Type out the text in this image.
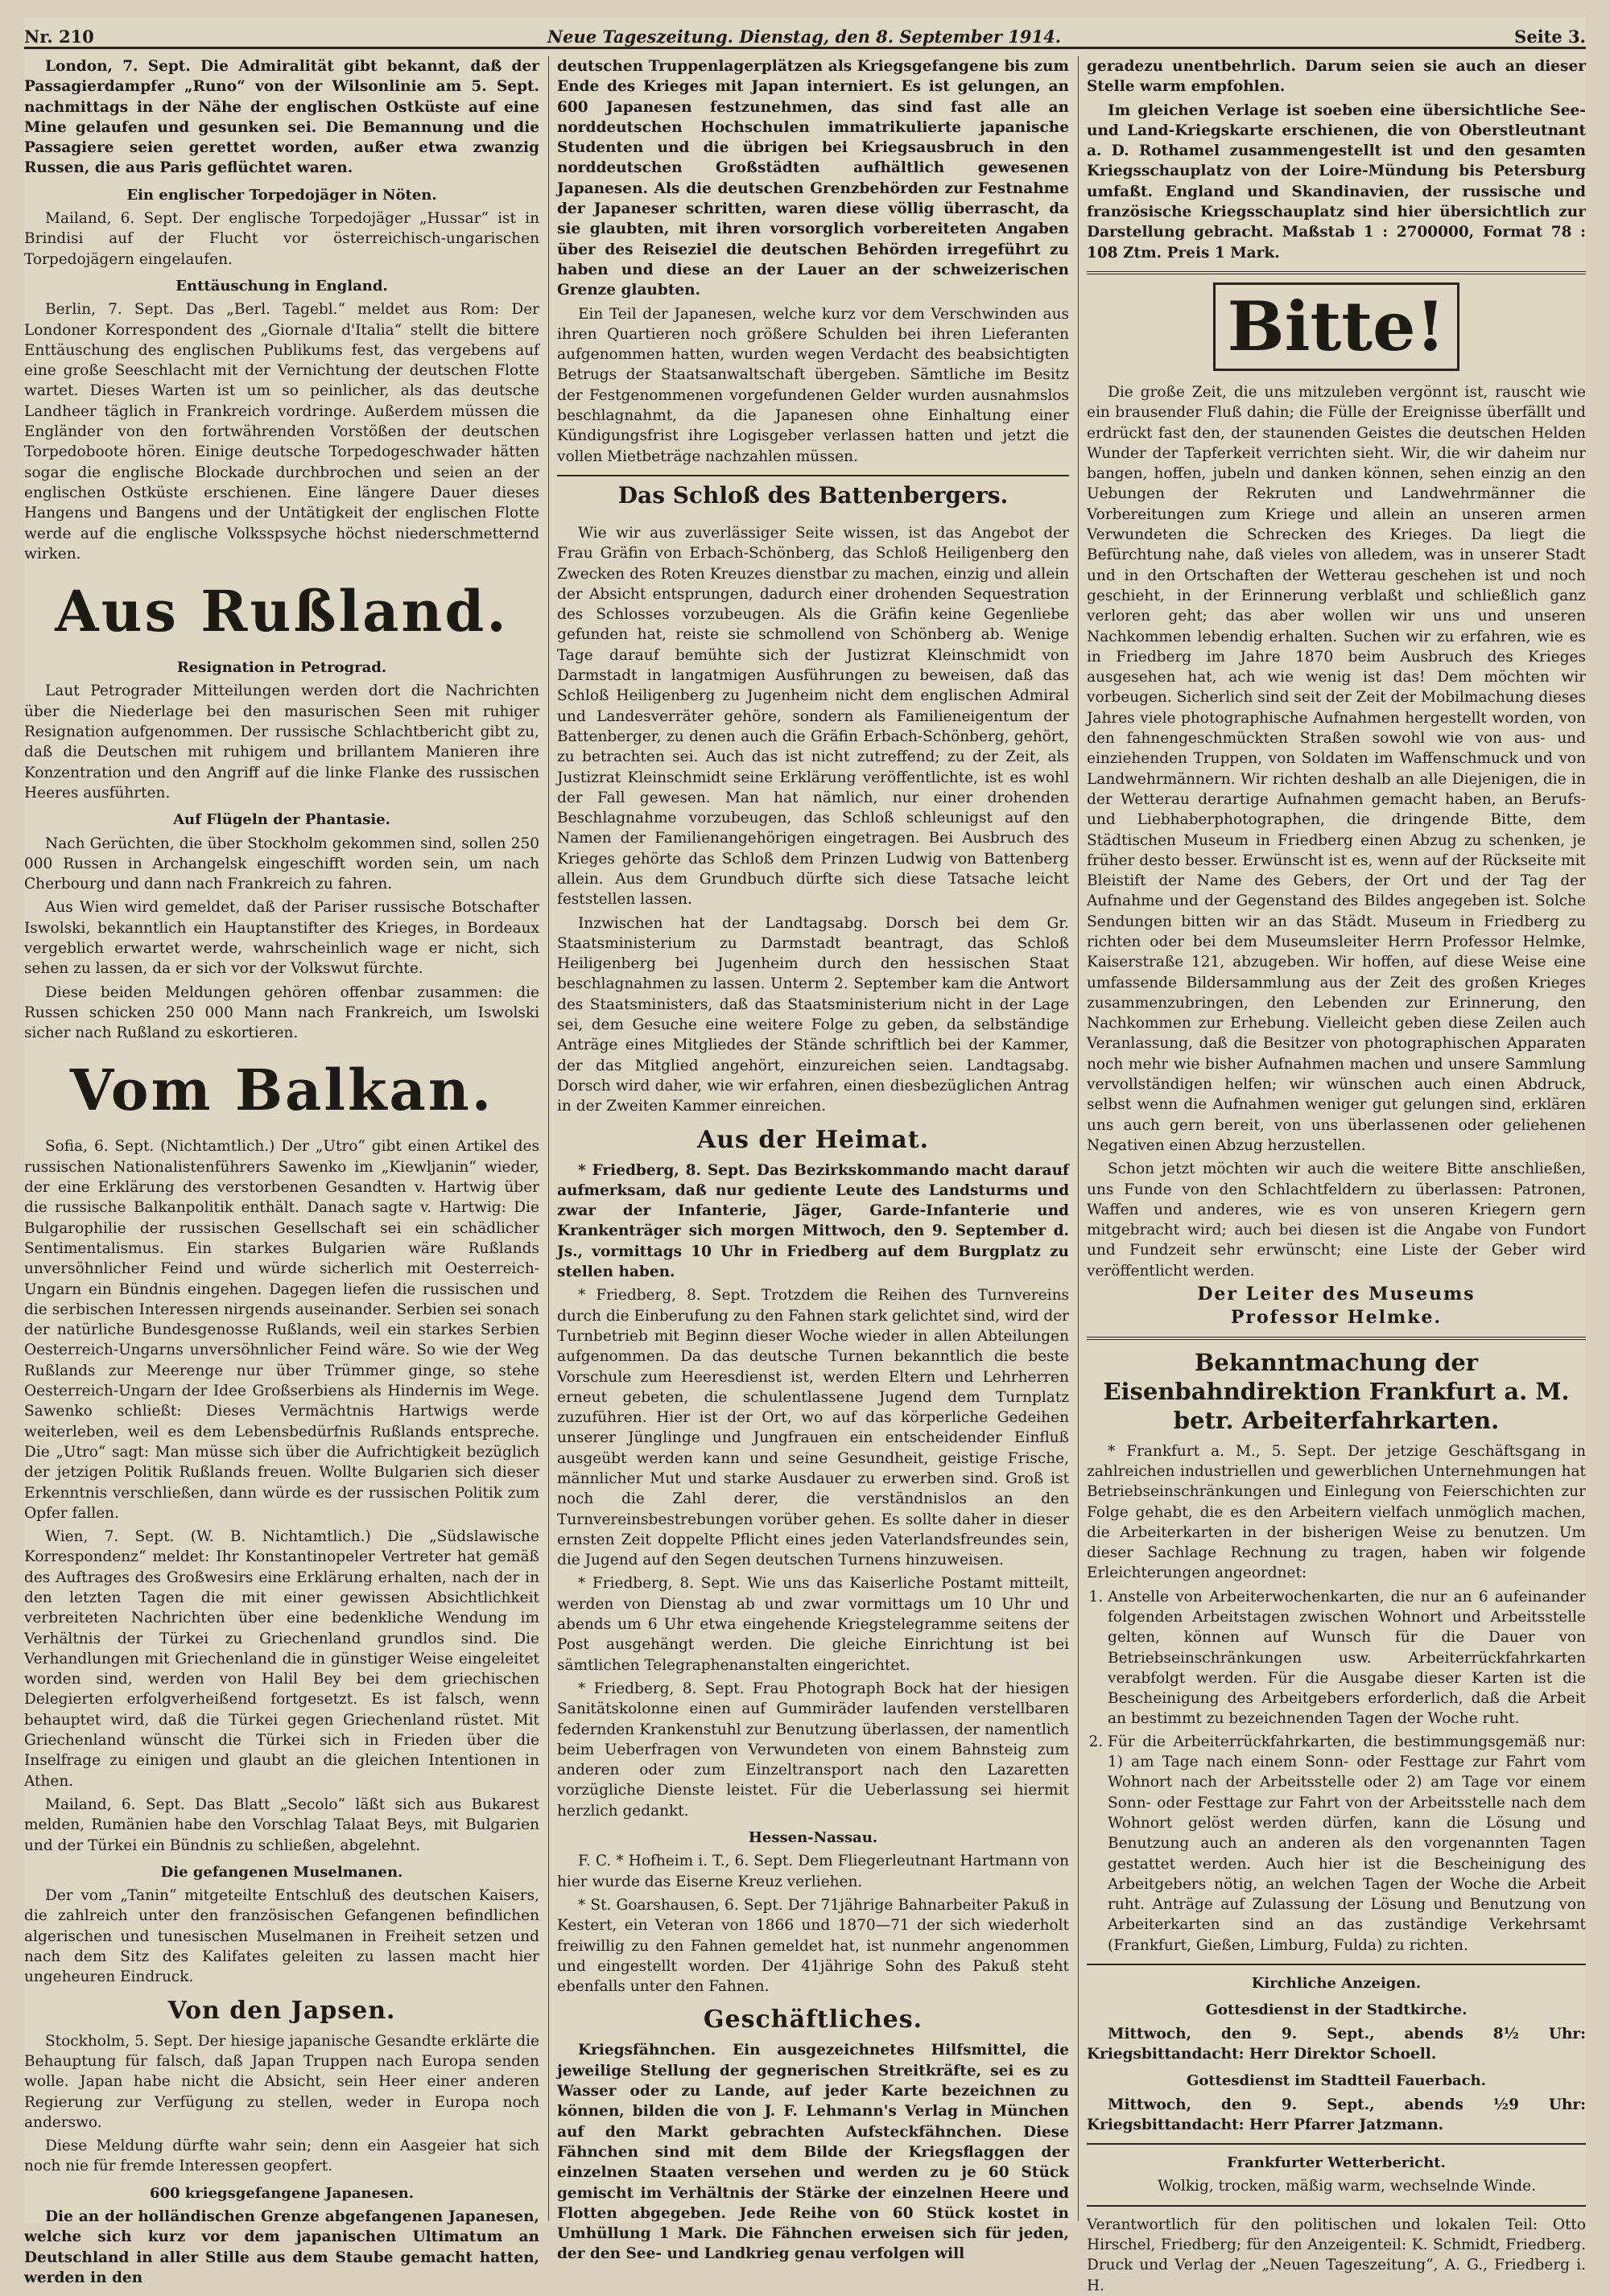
Nr. 210	Neue Tageszeitung. Dienstag, den 8. September 1914.	Seite 3.

London, 7. Sept. Die Admiralität gibt bekannt, daß der Passagierdampfer „Runo“ von der Wilsonlinie am 5. Sept. nachmittags in der Nähe der englischen Ostküste auf eine Mine gelaufen und gesunken sei. Die Bemannung und die Passagiere seien gerettet worden, außer etwa zwanzig Russen, die aus Paris geflüchtet waren.

Ein englischer Torpedojäger in Nöten.

Mailand, 6. Sept. Der englische Torpedojäger „Hussar“ ist in Brindisi auf der Flucht vor österreichisch-ungarischen Torpedojägern eingelaufen.

Enttäuschung in England.

Berlin, 7. Sept. Das „Berl. Tagebl.“ meldet aus Rom: Der Londoner Korrespondent des „Giornale d'Italia“ stellt die bittere Enttäuschung des englischen Publikums fest, das vergebens auf eine große Seeschlacht mit der Vernichtung der deutschen Flotte wartet. Dieses Warten ist um so peinlicher, als das deutsche Landheer täglich in Frankreich vordringe. Außerdem müssen die Engländer von den fortwährenden Vorstößen der deutschen Torpedoboote hören. Einige deutsche Torpedogeschwader hätten sogar die englische Blockade durchbrochen und seien an der englischen Ostküste erschienen. Eine längere Dauer dieses Hangens und Bangens und der Untätigkeit der englischen Flotte werde auf die englische Volksspsyche höchst niederschmetternd wirken.

Aus Rußland.
Resignation in Petrograd.

Laut Petrograder Mitteilungen werden dort die Nachrichten über die Niederlage bei den masurischen Seen mit ruhiger Resignation aufgenommen. Der russische Schlachtbericht gibt zu, daß die Deutschen mit ruhigem und brillantem Manieren ihre Konzentration und den Angriff auf die linke Flanke des russischen Heeres ausführten.

Auf Flügeln der Phantasie.

Nach Gerüchten, die über Stockholm gekommen sind, sollen 250 000 Russen in Archangelsk eingeschifft worden sein, um nach Cherbourg und dann nach Frankreich zu fahren.

Aus Wien wird gemeldet, daß der Pariser russische Botschafter Iswolski, bekanntlich ein Hauptanstifter des Krieges, in Bordeaux vergeblich erwartet werde, wahrscheinlich wage er nicht, sich sehen zu lassen, da er sich vor der Volkswut fürchte.

Diese beiden Meldungen gehören offenbar zusammen: die Russen schicken 250 000 Mann nach Frankreich, um Iswolski sicher nach Rußland zu eskortieren.

Vom Balkan.

Sofia, 6. Sept. (Nichtamtlich.) Der „Utro“ gibt einen Artikel des russischen Nationalistenführers Sawenko im „Kiewljanin“ wieder, der eine Erklärung des verstorbenen Gesandten v. Hartwig über die russische Balkanpolitik enthält. Danach sagte v. Hartwig: Die Bulgarophilie der russischen Gesellschaft sei ein schädlicher Sentimentalismus. Ein starkes Bulgarien wäre Rußlands unversöhnlicher Feind und würde sicherlich mit Oesterreich-Ungarn ein Bündnis eingehen. Dagegen liefen die russischen und die serbischen Interessen nirgends auseinander. Serbien sei sonach der natürliche Bundesgenosse Rußlands, weil ein starkes Serbien Oesterreich-Ungarns unversöhnlicher Feind wäre. So wie der Weg Rußlands zur Meerenge nur über Trümmer ginge, so stehe Oesterreich-Ungarn der Idee Großserbiens als Hindernis im Wege. Sawenko schließt: Dieses Vermächtnis Hartwigs werde weiterleben, weil es dem Lebensbedürfnis Rußlands entspreche. Die „Utro“ sagt: Man müsse sich über die Aufrichtigkeit bezüglich der jetzigen Politik Rußlands freuen. Wollte Bulgarien sich dieser Erkenntnis verschließen, dann würde es der russischen Politik zum Opfer fallen.

Wien, 7. Sept. (W. B. Nichtamtlich.) Die „Südslawische Korrespondenz“ meldet: Ihr Konstantinopeler Vertreter hat gemäß des Auftrages des Großwesirs eine Erklärung erhalten, nach der in den letzten Tagen die mit einer gewissen Absichtlichkeit verbreiteten Nachrichten über eine bedenkliche Wendung im Verhältnis der Türkei zu Griechenland grundlos sind. Die Verhandlungen mit Griechenland die in günstiger Weise eingeleitet worden sind, werden von Halil Bey bei dem griechischen Delegierten erfolgverheißend fortgesetzt. Es ist falsch, wenn behauptet wird, daß die Türkei gegen Griechenland rüstet. Mit Griechenland wünscht die Türkei sich in Frieden über die Inselfrage zu einigen und glaubt an die gleichen Intentionen in Athen.

Mailand, 6. Sept. Das Blatt „Secolo“ läßt sich aus Bukarest melden, Rumänien habe den Vorschlag Talaat Beys, mit Bulgarien und der Türkei ein Bündnis zu schließen, abgelehnt.

Die gefangenen Muselmanen.

Der vom „Tanin“ mitgeteilte Entschluß des deutschen Kaisers, die zahlreich unter den französischen Gefangenen befindlichen algerischen und tunesischen Muselmanen in Freiheit setzen und nach dem Sitz des Kalifates geleiten zu lassen macht hier ungeheuren Eindruck.

Von den Japsen.

Stockholm, 5. Sept. Der hiesige japanische Gesandte erklärte die Behauptung für falsch, daß Japan Truppen nach Europa senden wolle. Japan habe nicht die Absicht, sein Heer einer anderen Regierung zur Verfügung zu stellen, weder in Europa noch anderswo.

Diese Meldung dürfte wahr sein; denn ein Aasgeier hat sich noch nie für fremde Interessen geopfert.

600 kriegsgefangene Japanesen.

Die an der holländischen Grenze abgefangenen Japanesen, welche sich kurz vor dem japanischen Ultimatum an Deutschland in aller Stille aus dem Staube gemacht hatten, werden in den

deutschen Truppenlagerplätzen als Kriegsgefangene bis zum Ende des Krieges mit Japan interniert. Es ist gelungen, an 600 Japanesen festzunehmen, das sind fast alle an norddeutschen Hochschulen immatrikulierte japanische Studenten und die übrigen bei Kriegsausbruch in den norddeutschen Großstädten aufhältlich gewesenen Japanesen. Als die deutschen Grenzbehörden zur Festnahme der Japaneser schritten, waren diese völlig überrascht, da sie glaubten, mit ihren vorsorglich vorbereiteten Angaben über des Reiseziel die deutschen Behörden irregeführt zu haben und diese an der Lauer an der schweizerischen Grenze glaubten.

Ein Teil der Japanesen, welche kurz vor dem Verschwinden aus ihren Quartieren noch größere Schulden bei ihren Lieferanten aufgenommen hatten, wurden wegen Verdacht des beabsichtigten Betrugs der Staatsanwaltschaft übergeben. Sämtliche im Besitz der Festgenommenen vorgefundenen Gelder wurden ausnahmslos beschlagnahmt, da die Japanesen ohne Einhaltung einer Kündigungsfrist ihre Logisgeber verlassen hatten und jetzt die vollen Mietbeträge nachzahlen müssen.

Das Schloß des Battenbergers.

Wie wir aus zuverlässiger Seite wissen, ist das Angebot der Frau Gräfin von Erbach-Schönberg, das Schloß Heiligenberg den Zwecken des Roten Kreuzes dienstbar zu machen, einzig und allein der Absicht entsprungen, dadurch einer drohenden Sequestration des Schlosses vorzubeugen. Als die Gräfin keine Gegenliebe gefunden hat, reiste sie schmollend von Schönberg ab. Wenige Tage darauf bemühte sich der Justizrat Kleinschmidt von Darmstadt in langatmigen Ausführungen zu beweisen, daß das Schloß Heiligenberg zu Jugenheim nicht dem englischen Admiral und Landesverräter gehöre, sondern als Familieneigentum der Battenberger, zu denen auch die Gräfin Erbach-Schönberg, gehört, zu betrachten sei. Auch das ist nicht zutreffend; zu der Zeit, als Justizrat Kleinschmidt seine Erklärung veröffentlichte, ist es wohl der Fall gewesen. Man hat nämlich, nur einer drohenden Beschlagnahme vorzubeugen, das Schloß schleunigst auf den Namen der Familienangehörigen eingetragen. Bei Ausbruch des Krieges gehörte das Schloß dem Prinzen Ludwig von Battenberg allein. Aus dem Grundbuch dürfte sich diese Tatsache leicht feststellen lassen.

Inzwischen hat der Landtagsabg. Dorsch bei dem Gr. Staatsministerium zu Darmstadt beantragt, das Schloß Heiligenberg bei Jugenheim durch den hessischen Staat beschlagnahmen zu lassen. Unterm 2. September kam die Antwort des Staatsministers, daß das Staatsministerium nicht in der Lage sei, dem Gesuche eine weitere Folge zu geben, da selbständige Anträge eines Mitgliedes der Stände schriftlich bei der Kammer, der das Mitglied angehört, einzureichen seien. Landtagsabg. Dorsch wird daher, wie wir erfahren, einen diesbezüglichen Antrag in der Zweiten Kammer einreichen.

Aus der Heimat.

* Friedberg, 8. Sept. Das Bezirkskommando macht darauf aufmerksam, daß nur gediente Leute des Landsturms und zwar der Infanterie, Jäger, Garde-Infanterie und Krankenträger sich morgen Mittwoch, den 9. September d. Js., vormittags 10 Uhr in Friedberg auf dem Burgplatz zu stellen haben.

* Friedberg, 8. Sept. Trotzdem die Reihen des Turnvereins durch die Einberufung zu den Fahnen stark gelichtet sind, wird der Turnbetrieb mit Beginn dieser Woche wieder in allen Abteilungen aufgenommen. Da das deutsche Turnen bekanntlich die beste Vorschule zum Heeresdienst ist, werden Eltern und Lehrherren erneut gebeten, die schulentlassene Jugend dem Turnplatz zuzuführen. Hier ist der Ort, wo auf das körperliche Gedeihen unserer Jünglinge und Jungfrauen ein entscheidender Einfluß ausgeübt werden kann und seine Gesundheit, geistige Frische, männlicher Mut und starke Ausdauer zu erwerben sind. Groß ist noch die Zahl derer, die verständnislos an den Turnvereinsbestrebungen vorüber gehen. Es sollte daher in dieser ernsten Zeit doppelte Pflicht eines jeden Vaterlandsfreundes sein, die Jugend auf den Segen deutschen Turnens hinzuweisen.

* Friedberg, 8. Sept. Wie uns das Kaiserliche Postamt mitteilt, werden von Dienstag ab und zwar vormittags um 10 Uhr und abends um 6 Uhr etwa eingehende Kriegstelegramme seitens der Post ausgehängt werden. Die gleiche Einrichtung ist bei sämtlichen Telegraphenanstalten eingerichtet.

* Friedberg, 8. Sept. Frau Photograph Bock hat der hiesigen Sanitätskolonne einen auf Gummiräder laufenden verstellbaren federnden Krankenstuhl zur Benutzung überlassen, der namentlich beim Ueberfragen von Verwundeten von einem Bahnsteig zum anderen oder zum Einzeltransport nach den Lazaretten vorzügliche Dienste leistet. Für die Ueberlassung sei hiermit herzlich gedankt.

Hessen-Nassau.

F. C. * Hofheim i. T., 6. Sept. Dem Fliegerleutnant Hartmann von hier wurde das Eiserne Kreuz verliehen.

* St. Goarshausen, 6. Sept. Der 71jährige Bahnarbeiter Pakuß in Kestert, ein Veteran von 1866 und 1870—71 der sich wiederholt freiwillig zu den Fahnen gemeldet hat, ist nunmehr angenommen und eingestellt worden. Der 41jährige Sohn des Pakuß steht ebenfalls unter den Fahnen.

Geschäftliches.

Kriegsfähnchen. Ein ausgezeichnetes Hilfsmittel, die jeweilige Stellung der gegnerischen Streitkräfte, sei es zu Wasser oder zu Lande, auf jeder Karte bezeichnen zu können, bilden die von J. F. Lehmann's Verlag in München auf den Markt gebrachten Aufsteckfähnchen. Diese Fähnchen sind mit dem Bilde der Kriegsflaggen der einzelnen Staaten versehen und werden zu je 60 Stück gemischt im Verhältnis der Stärke der einzelnen Heere und Flotten abgegeben. Jede Reihe von 60 Stück kostet in Umhüllung 1 Mark. Die Fähnchen erweisen sich für jeden, der den See- und Landkrieg genau verfolgen will

geradezu unentbehrlich. Darum seien sie auch an dieser Stelle warm empfohlen.

Im gleichen Verlage ist soeben eine übersichtliche See- und Land-Kriegskarte erschienen, die von Oberstleutnant a. D. Rothamel zusammengestellt ist und den gesamten Kriegsschauplatz von der Loire-Mündung bis Petersburg umfaßt. England und Skandinavien, der russische und französische Kriegsschauplatz sind hier übersichtlich zur Darstellung gebracht. Maßstab 1 : 2700000, Format 78 : 108 Ztm. Preis 1 Mark.

Bitte!

Die große Zeit, die uns mitzuleben vergönnt ist, rauscht wie ein brausender Fluß dahin; die Fülle der Ereignisse überfällt und erdrückt fast den, der staunenden Geistes die deutschen Helden Wunder der Tapferkeit verrichten sieht. Wir, die wir daheim nur bangen, hoffen, jubeln und danken können, sehen einzig an den Uebungen der Rekruten und Landwehrmänner die Vorbereitungen zum Kriege und allein an unseren armen Verwundeten die Schrecken des Krieges. Da liegt die Befürchtung nahe, daß vieles von alledem, was in unserer Stadt und in den Ortschaften der Wetterau geschehen ist und noch geschieht, in der Erinnerung verblaßt und schließlich ganz verloren geht; das aber wollen wir uns und unseren Nachkommen lebendig erhalten. Suchen wir zu erfahren, wie es in Friedberg im Jahre 1870 beim Ausbruch des Krieges ausgesehen hat, ach wie wenig ist das! Dem möchten wir vorbeugen. Sicherlich sind seit der Zeit der Mobilmachung dieses Jahres viele photographische Aufnahmen hergestellt worden, von den fahnengeschmückten Straßen sowohl wie von aus- und einziehenden Truppen, von Soldaten im Waffenschmuck und von Landwehrmännern. Wir richten deshalb an alle Diejenigen, die in der Wetterau derartige Aufnahmen gemacht haben, an Berufs- und Liebhaberphotographen, die dringende Bitte, dem Städtischen Museum in Friedberg einen Abzug zu schenken, je früher desto besser. Erwünscht ist es, wenn auf der Rückseite mit Bleistift der Name des Gebers, der Ort und der Tag der Aufnahme und der Gegenstand des Bildes angegeben ist. Solche Sendungen bitten wir an das Städt. Museum in Friedberg zu richten oder bei dem Museumsleiter Herrn Professor Helmke, Kaiserstraße 121, abzugeben. Wir hoffen, auf diese Weise eine umfassende Bildersammlung aus der Zeit des großen Krieges zusammenzubringen, den Lebenden zur Erinnerung, den Nachkommen zur Erhebung. Vielleicht geben diese Zeilen auch Veranlassung, daß die Besitzer von photographischen Apparaten noch mehr wie bisher Aufnahmen machen und unsere Sammlung vervollständigen helfen; wir wünschen auch einen Abdruck, selbst wenn die Aufnahmen weniger gut gelungen sind, erklären uns auch gern bereit, von uns überlassenen oder geliehenen Negativen einen Abzug herzustellen.

Schon jetzt möchten wir auch die weitere Bitte anschließen, uns Funde von den Schlachtfeldern zu überlassen: Patronen, Waffen und anderes, wie es von unseren Kriegern gern mitgebracht wird; auch bei diesen ist die Angabe von Fundort und Fundzeit sehr erwünscht; eine Liste der Geber wird veröffentlicht werden.

Der Leiter des Museums
Professor Helmke.
Bekanntmachung der Eisenbahndirektion Frankfurt a. M. betr. Arbeiterfahrkarten.

* Frankfurt a. M., 5. Sept. Der jetzige Geschäftsgang in zahlreichen industriellen und gewerblichen Unternehmungen hat Betriebseinschränkungen und Einlegung von Feierschichten zur Folge gehabt, die es den Arbeitern vielfach unmöglich machen, die Arbeiterkarten in der bisherigen Weise zu benutzen. Um dieser Sachlage Rechnung zu tragen, haben wir folgende Erleichterungen angeordnet:

1. Anstelle von Arbeiterwochenkarten, die nur an 6 aufeinander folgenden Arbeitstagen zwischen Wohnort und Arbeitsstelle gelten, können auf Wunsch für die Dauer von Betriebseinschränkungen usw. Arbeiterrückfahrkarten verabfolgt werden. Für die Ausgabe dieser Karten ist die Bescheinigung des Arbeitgebers erforderlich, daß die Arbeit an bestimmt zu bezeichnenden Tagen der Woche ruht.
2. Für die Arbeiterrückfahrkarten, die bestimmungsgemäß nur: 1) am Tage nach einem Sonn- oder Festtage zur Fahrt vom Wohnort nach der Arbeitsstelle oder 2) am Tage vor einem Sonn- oder Festtage zur Fahrt von der Arbeitsstelle nach dem Wohnort gelöst werden dürfen, kann die Lösung und Benutzung auch an anderen als den vorgenannten Tagen gestattet werden. Auch hier ist die Bescheinigung des Arbeitgebers nötig, an welchen Tagen der Woche die Arbeit ruht. Anträge auf Zulassung der Lösung und Benutzung von Arbeiterkarten sind an das zuständige Verkehrsamt (Frankfurt, Gießen, Limburg, Fulda) zu richten.
Kirchliche Anzeigen.
Gottesdienst in der Stadtkirche.

Mittwoch, den 9. Sept., abends 8½ Uhr: Kriegsbittandacht: Herr Direktor Schoell.

Gottesdienst im Stadtteil Fauerbach.

Mittwoch, den 9. Sept., abends ½9 Uhr: Kriegsbittandacht: Herr Pfarrer Jatzmann.

Frankfurter Wetterbericht.

Wolkig, trocken, mäßig warm, wechselnde Winde.

Verantwortlich für den politischen und lokalen Teil: Otto Hirschel, Friedberg; für den Anzeigenteil: K. Schmidt, Friedberg. Druck und Verlag der „Neuen Tageszeitung“, A. G., Friedberg i. H.
